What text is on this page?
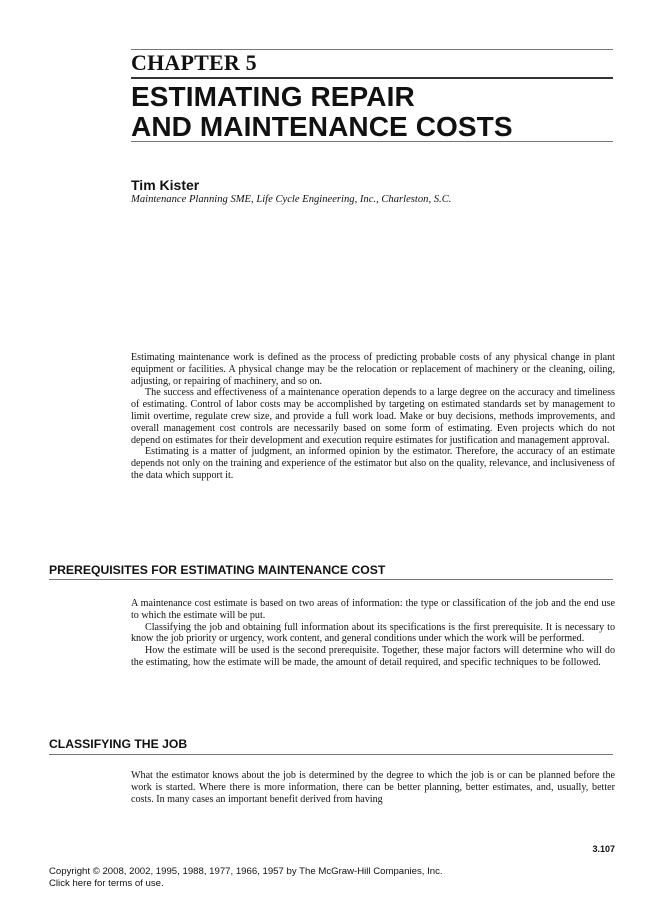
CHAPTER 5
ESTIMATING REPAIR
AND MAINTENANCE COSTS
Tim Kister
Maintenance Planning SME, Life Cycle Engineering, Inc., Charleston, S.C.

Estimating maintenance work is defined as the process of predicting probable costs of any physical change in plant equipment or facilities. A physical change may be the relocation or replacement of machinery or the cleaning, oiling, adjusting, or repairing of machinery, and so on.

The success and effectiveness of a maintenance operation depends to a large degree on the accuracy and timeliness of estimating. Control of labor costs may be accomplished by targeting on estimated standards set by management to limit overtime, regulate crew size, and provide a full work load. Make or buy decisions, methods improvements, and overall management cost controls are necessarily based on some form of estimating. Even projects which do not depend on estimates for their development and execution require estimates for justification and management approval.

Estimating is a matter of judgment, an informed opinion by the estimator. Therefore, the accuracy of an estimate depends not only on the training and experience of the estimator but also on the quality, relevance, and inclusiveness of the data which support it.

PREREQUISITES FOR ESTIMATING MAINTENANCE COST

A maintenance cost estimate is based on two areas of information: the type or classification of the job and the end use to which the estimate will be put.

Classifying the job and obtaining full information about its specifications is the first prerequisite. It is necessary to know the job priority or urgency, work content, and general conditions under which the work will be performed.

How the estimate will be used is the second prerequisite. Together, these major factors will determine who will do the estimating, how the estimate will be made, the amount of detail required, and specific techniques to be followed.

CLASSIFYING THE JOB

What the estimator knows about the job is determined by the degree to which the job is or can be planned before the work is started. Where there is more information, there can be better planning, better estimates, and, usually, better costs. In many cases an important benefit derived from having

3.107
Copyright © 2008, 2002, 1995, 1988, 1977, 1966, 1957 by The McGraw-Hill Companies, Inc.
Click here for terms of use.
